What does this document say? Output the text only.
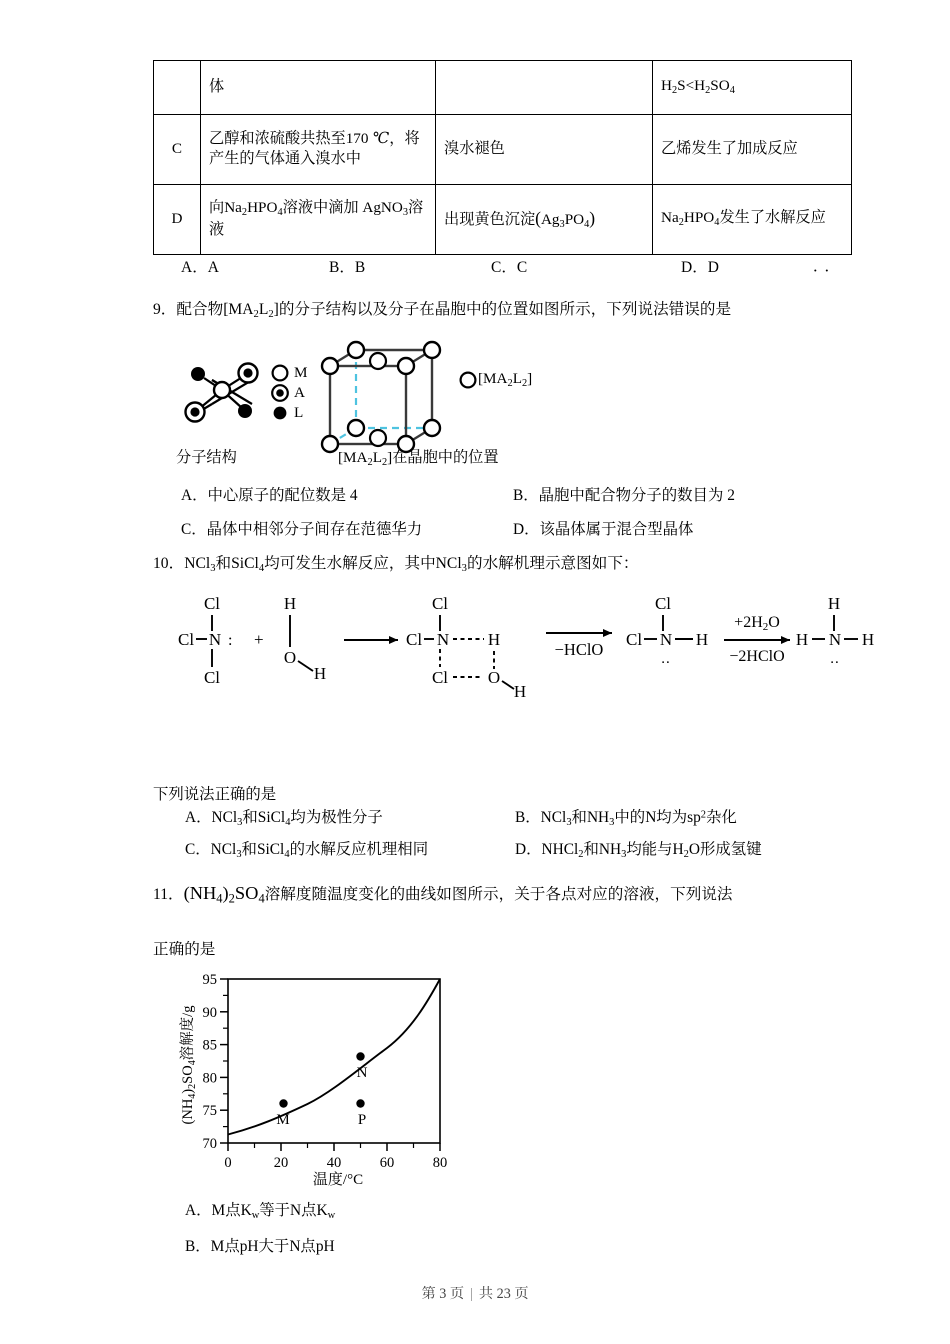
	体		$H_2S<H_2SO_4$
C	乙醇和浓硫酸共热至170 ℃，将产生的气体通入溴水中	溴水褪色	乙烯发生了加成反应
D	向$Na_2HPO_4$溶液中滴加 AgNO$_3$溶液	出现黄色沉淀$(Ag_3PO_4)$	$Na_2HPO_4$发生了水解反应
A．A	B．B	C．C	D．D	．．
9．配合物$[MA_2L_2]$的分子结构以及分子在晶胞中的位置如图所示，下列说法错误的是
M
A
L
$[MA_2L_2]$
分子结构	$[MA_2L_2]$在晶胞中的位置
A．中心原子的配位数是 4	B．晶胞中配合物分子的数目为 2
C．晶体中相邻分子间存在范德华力	D．该晶体属于混合型晶体
10．NCl$_3$和SiCl$_4$均可发生水解反应，其中NCl$_3$的水解机理示意图如下：
Cl
Cl N
Cl
: +
H
O
H
Cl
Cl N H
Cl O
H
−HClO
Cl
Cl N H
..
+2H2O
−2HClO
H
H N H
..
下列说法正确的是
A．NCl$_3$和SiCl$_4$均为极性分子	B．NCl$_3$和$NH_3$中的N均为$sp^2$杂化
C．NCl$_3$和SiCl$_4$的水解反应机理相同	D．NHCl$_2$和$NH_3$均能与$H_2O$形成氢键
11．$(NH_4)_2SO_4$溶解度随温度变化的曲线如图所示，关于各点对应的溶液，下列说法
正确的是
70
75
80
85
90
95
0	20	40	60	80
M
N
P
$(NH_4)_2SO_4$溶解度/g
温度/°C
A．M点$K_w$等于N点$K_w$
B．M点pH大于N点pH
第 3 页 | 共 23 页
